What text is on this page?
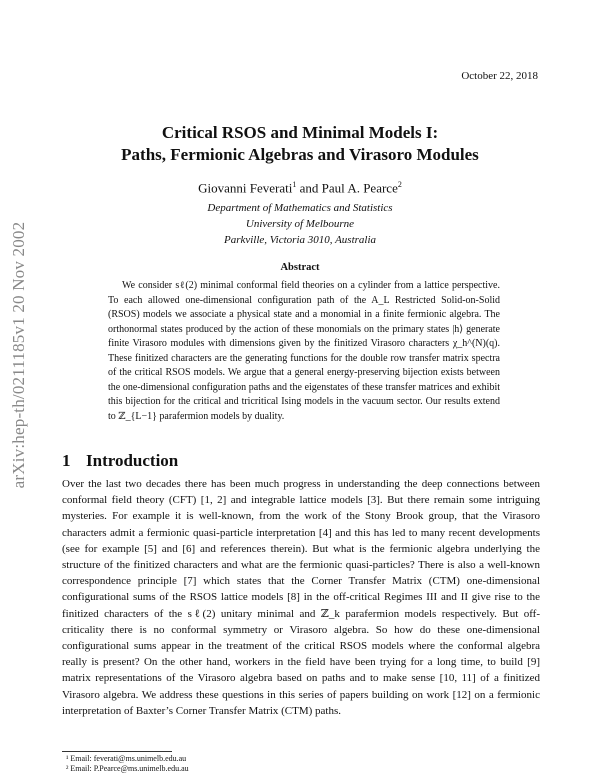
October 22, 2018
Critical RSOS and Minimal Models I:
Paths, Fermionic Algebras and Virasoro Modules
Giovanni Feverati$^1$ and Paul A. Pearce$^2$
Department of Mathematics and Statistics
University of Melbourne
Parkville, Victoria 3010, Australia
Abstract
We consider sℓ(2) minimal conformal field theories on a cylinder from a lattice perspective. To each allowed one-dimensional configuration path of the A_L Restricted Solid-on-Solid (RSOS) models we associate a physical state and a monomial in a finite fermionic algebra. The orthonormal states produced by the action of these monomials on the primary states |h⟩ generate finite Virasoro modules with dimensions given by the finitized Virasoro characters χ_h^(N)(q). These finitized characters are the generating functions for the double row transfer matrix spectra of the critical RSOS models. We argue that a general energy-preserving bijection exists between the one-dimensional configuration paths and the eigenstates of these transfer matrices and exhibit this bijection for the critical and tricritical Ising models in the vacuum sector. Our results extend to ℤ_{L−1} parafermion models by duality.
1 Introduction
Over the last two decades there has been much progress in understanding the deep connections between conformal field theory (CFT) [1, 2] and integrable lattice models [3]. But there remain some intriguing mysteries. For example it is well-known, from the work of the Stony Brook group, that the Virasoro characters admit a fermionic quasi-particle interpretation [4] and this has led to many recent developments (see for example [5] and [6] and references therein). But what is the fermionic algebra underlying the structure of the finitized characters and what are the fermionic quasi-particles? There is also a well-known correspondence principle [7] which states that the Corner Transfer Matrix (CTM) one-dimensional configurational sums of the RSOS lattice models [8] in the off-critical Regimes III and II give rise to the finitized characters of the sℓ(2) unitary minimal and ℤ_k parafermion models respectively. But off-criticality there is no conformal symmetry or Virasoro algebra. So how do these one-dimensional configurational sums appear in the treatment of the critical RSOS models where the conformal algebra really is present? On the other hand, workers in the field have been trying for a long time, to build [9] matrix representations of the Virasoro algebra based on paths and to make sense [10, 11] of a finitized Virasoro algebra. We address these questions in this series of papers building on work [12] on a fermionic interpretation of Baxter’s Corner Transfer Matrix (CTM) paths.
¹ Email: feverati@ms.unimelb.edu.au
² Email: P.Pearce@ms.unimelb.edu.au
arXiv:hep-th/0211185v1 20 Nov 2002
